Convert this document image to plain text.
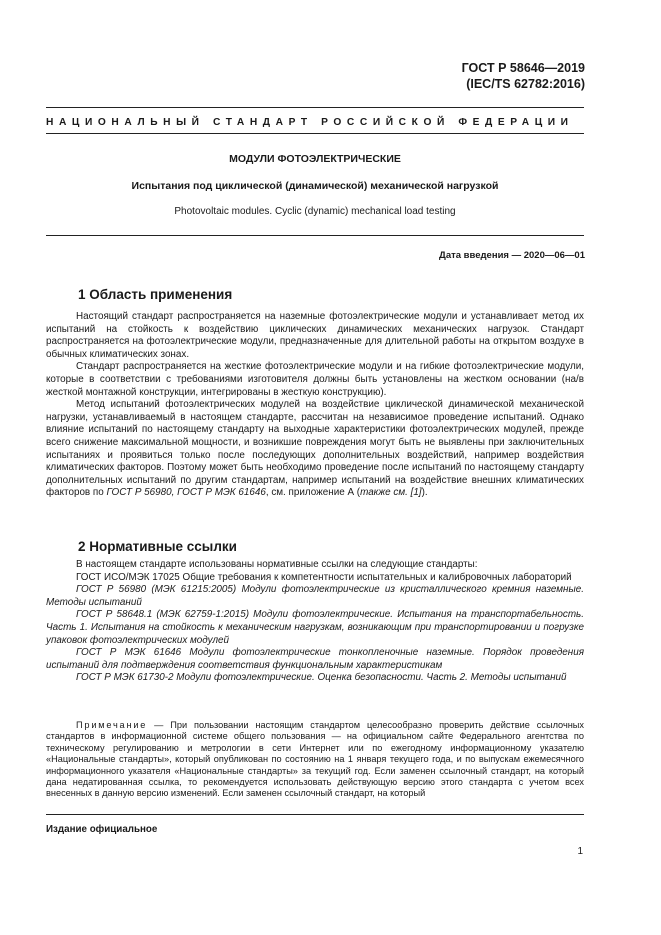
ГОСТ Р 58646—2019
(IEC/TS 62782:2016)
НАЦИОНАЛЬНЫЙ СТАНДАРТ РОССИЙСКОЙ ФЕДЕРАЦИИ
МОДУЛИ ФОТОЭЛЕКТРИЧЕСКИЕ
Испытания под циклической (динамической) механической нагрузкой
Photovoltaic modules. Cyclic (dynamic) mechanical load testing
Дата введения — 2020—06—01
1 Область применения

Настоящий стандарт распространяется на наземные фотоэлектрические модули и устанавливает метод их испытаний на стойкость к воздействию циклических динамических механических нагрузок. Стандарт распространяется на фотоэлектрические модули, предназначенные для длительной работы на открытом воздухе в обычных климатических зонах.

Стандарт распространяется на жесткие фотоэлектрические модули и на гибкие фотоэлектрические модули, которые в соответствии с требованиями изготовителя должны быть установлены на жестком основании (на/в жесткой монтажной конструкции, интегрированы в жесткую конструкцию).

Метод испытаний фотоэлектрических модулей на воздействие циклической динамической механической нагрузки, устанавливаемый в настоящем стандарте, рассчитан на независимое проведение испытаний. Однако влияние испытаний по настоящему стандарту на выходные характеристики фотоэлектрических модулей, прежде всего снижение максимальной мощности, и возникшие повреждения могут быть не выявлены при заключительных испытаниях и проявиться только после последующих дополнительных воздействий, например воздействия климатических факторов. Поэтому может быть необходимо проведение после испытаний по настоящему стандарту дополнительных испытаний по другим стандартам, например испытаний на воздействие внешних климатических факторов по ГОСТ Р 56980, ГОСТ Р МЭК 61646, см. приложение А (также см. [1]).

2 Нормативные ссылки

В настоящем стандарте использованы нормативные ссылки на следующие стандарты:

ГОСТ ИСО/МЭК 17025 Общие требования к компетентности испытательных и калибровочных лабораторий

ГОСТ Р 56980 (МЭК 61215:2005) Модули фотоэлектрические из кристаллического кремния наземные. Методы испытаний

ГОСТ Р 58648.1 (МЭК 62759-1:2015) Модули фотоэлектрические. Испытания на транспортабельность. Часть 1. Испытания на стойкость к механическим нагрузкам, возникающим при транспортировании и погрузке упаковок фотоэлектрических модулей

ГОСТ Р МЭК 61646 Модули фотоэлектрические тонкопленочные наземные. Порядок проведения испытаний для подтверждения соответствия функциональным характеристикам

ГОСТ Р МЭК 61730-2 Модули фотоэлектрические. Оценка безопасности. Часть 2. Методы испытаний

Примечание — При пользовании настоящим стандартом целесообразно проверить действие ссылочных стандартов в информационной системе общего пользования — на официальном сайте Федерального агентства по техническому регулированию и метрологии в сети Интернет или по ежегодному информационному указателю «Национальные стандарты», который опубликован по состоянию на 1 января текущего года, и по выпускам ежемесячного информационного указателя «Национальные стандарты» за текущий год. Если заменен ссылочный стандарт, на который дана недатированная ссылка, то рекомендуется использовать действующую версию этого стандарта с учетом всех внесенных в данную версию изменений. Если заменен ссылочный стандарт, на который
Издание официальное
1
